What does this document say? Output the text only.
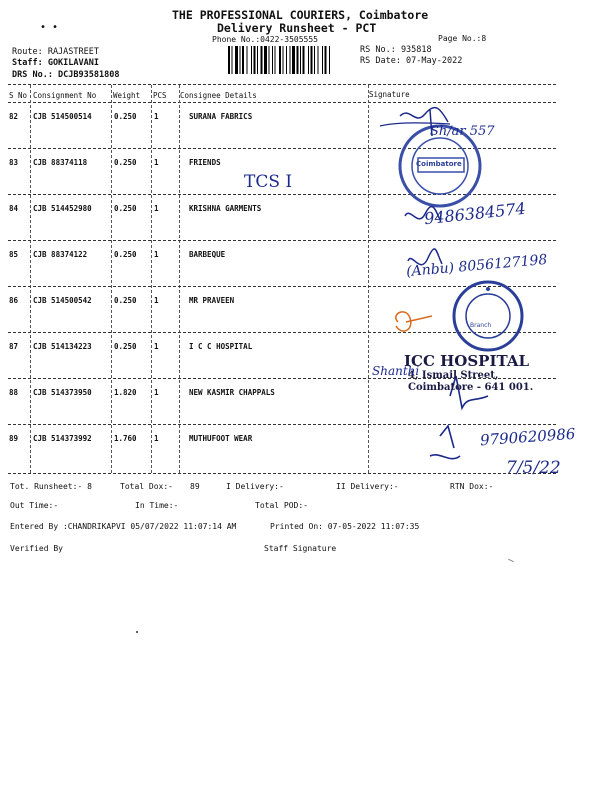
THE PROFESSIONAL COURIERS, Coimbatore
Delivery Runsheet - PCT
Phone No.:0422-3505555	Page No.:8
• •
Route: RAJASTREET
Staff: GOKILAVANI
DRS No.: DCJB93581808
RS No.: 935818
RS Date: 07-May-2022
S No Consignment No Weight PCS Consignee Details	Signature
82 CJB 514500514	0.250 1	SURANA FABRICS
83 CJB 88374118	0.250 1	FRIENDS
84 CJB 514452980	0.250 1	KRISHNA GARMENTS
85 CJB 88374122	0.250 1	BARBEQUE
86 CJB 514500542	0.250 1	MR PRAVEEN
87 CJB 514134223	0.250 1	I C C HOSPITAL
88 CJB 514373950	1.820 1	NEW KASMIR CHAPPALS
89 CJB 514373992	1.760 1	MUTHUFOOT WEAR
Coimbatore
Branch
ICC HOSPITAL
4, Ismail Street,
Coimbatore - 641 001.
Sh/ar 557
TCS I
9486384574
(Anbu) 8056127198
Shanthi
9790620986
7/5/22
Tot. Runsheet:- 8	Total Dox:- 89	I Delivery:-	II Delivery:-	RTN Dox:-
Out Time:-	In Time:-	Total POD:-
Entered By :CHANDRIKAPVI 05/07/2022 11:07:14 AM	Printed On: 07-05-2022 11:07:35
Verified By	Staff Signature
